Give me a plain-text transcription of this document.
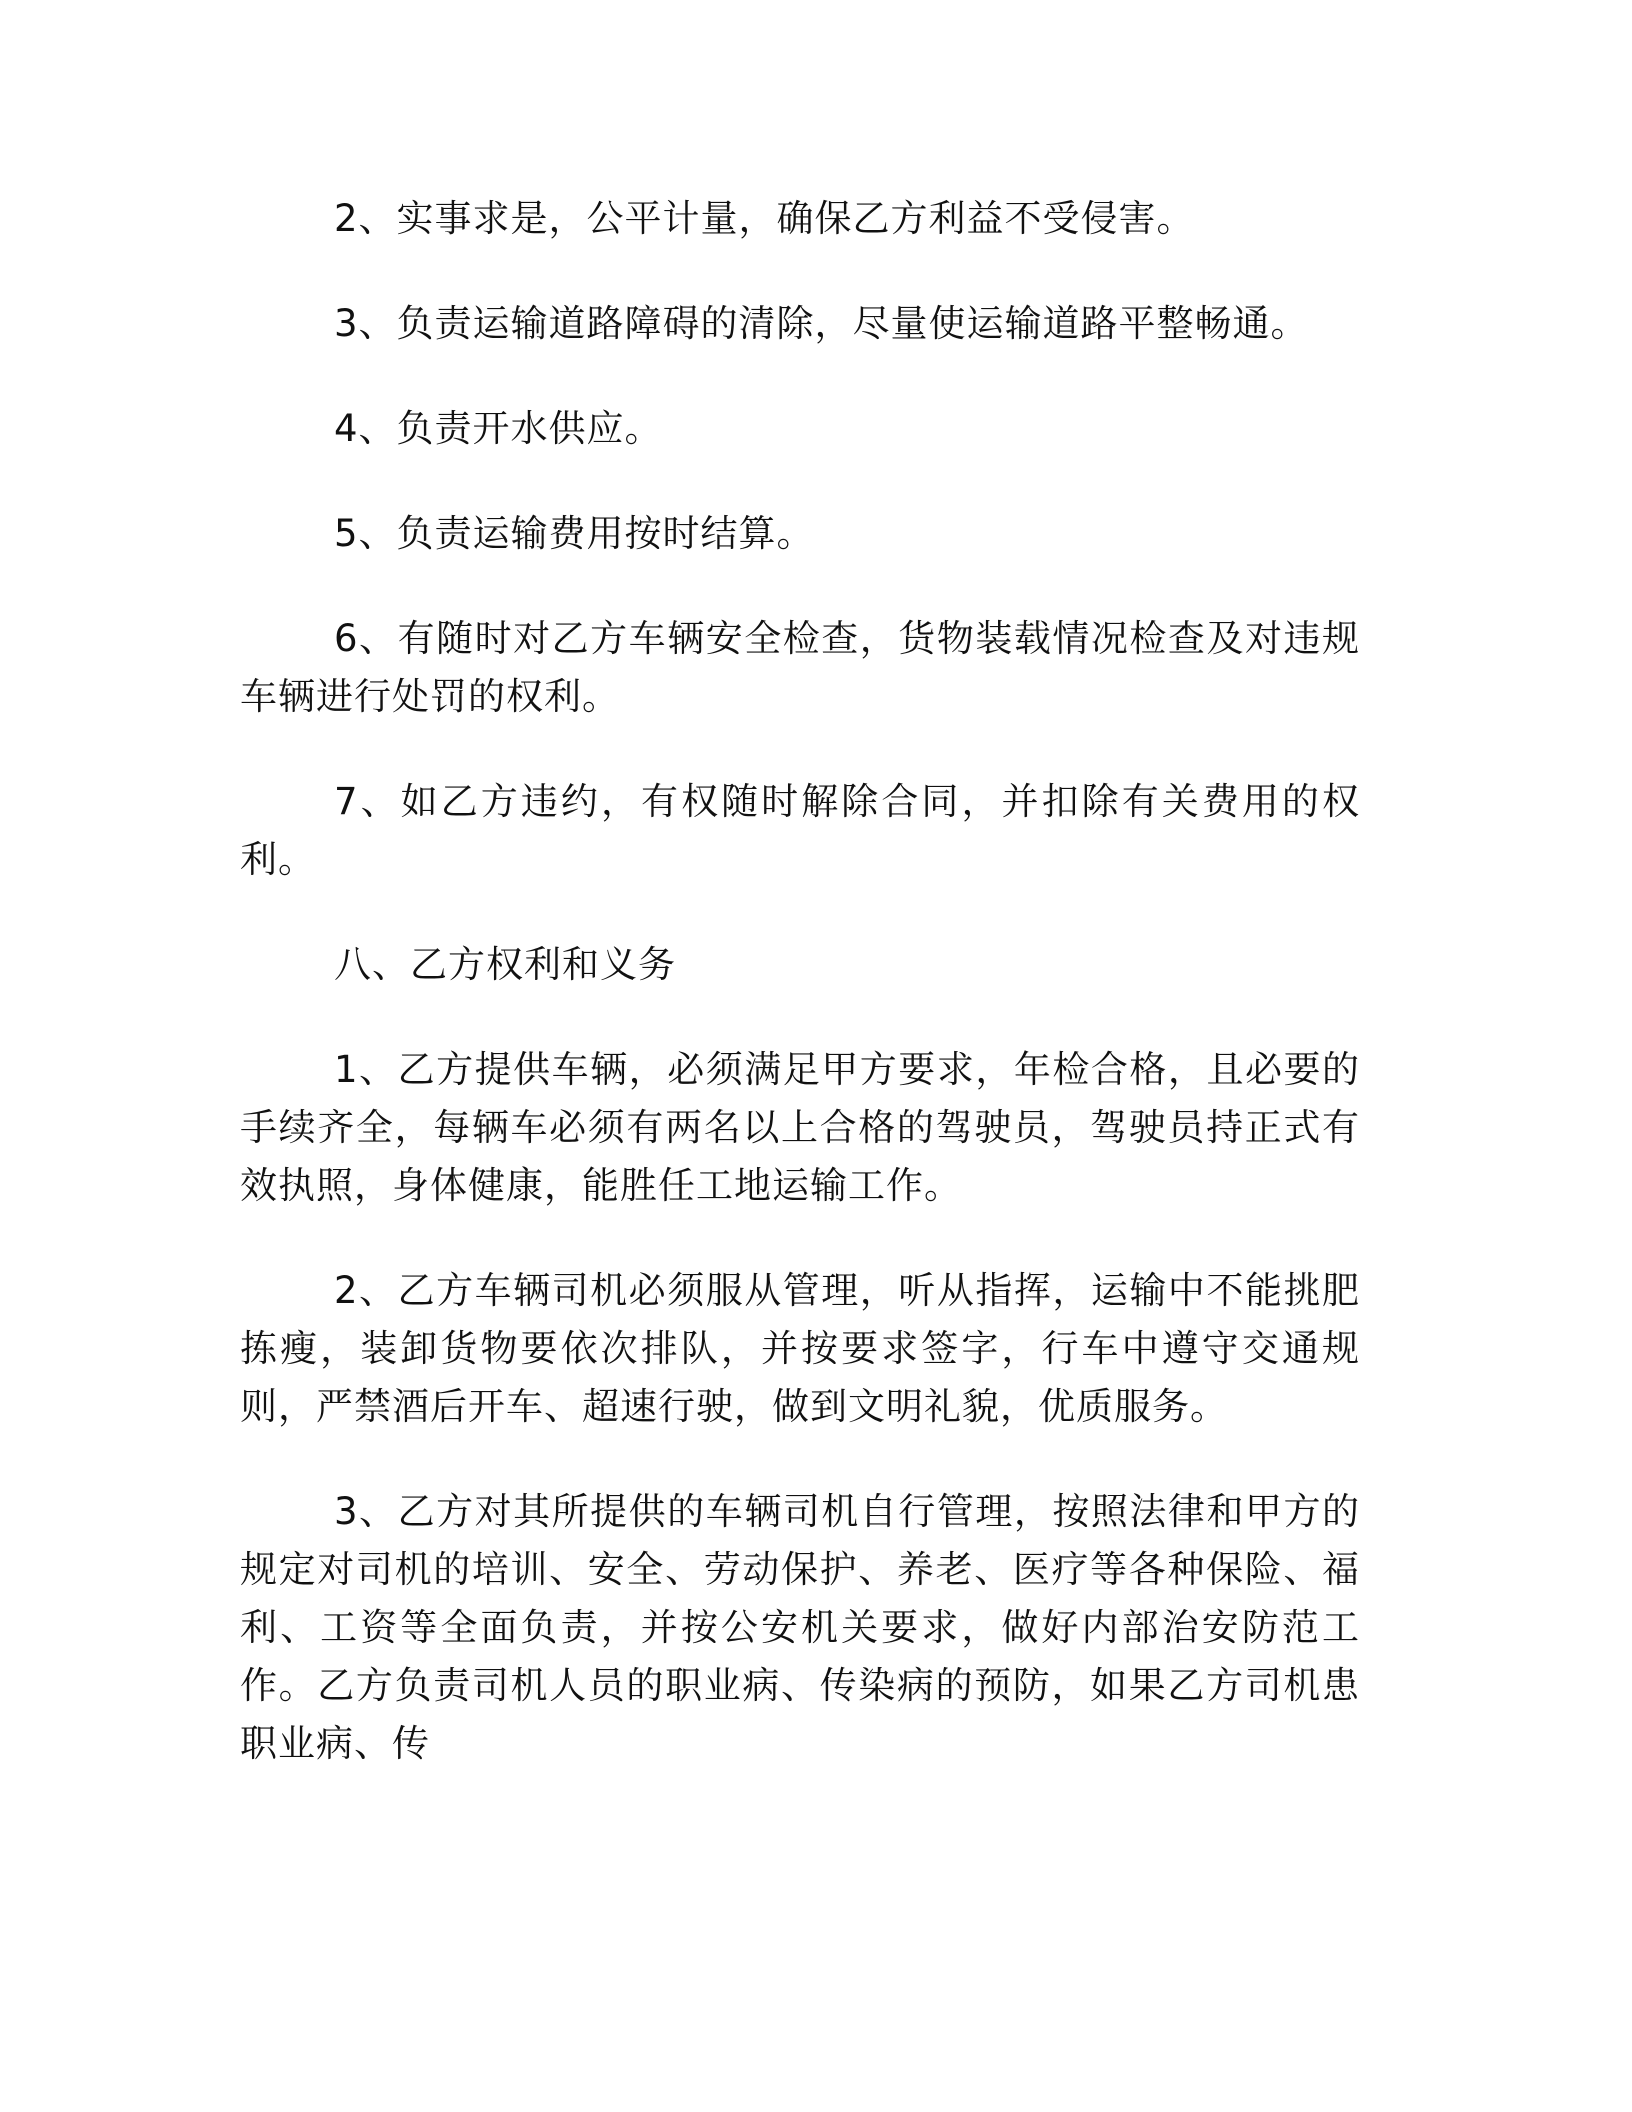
2、实事求是，公平计量，确保乙方利益不受侵害。

3、负责运输道路障碍的清除，尽量使运输道路平整畅通。

4、负责开水供应。

5、负责运输费用按时结算。

6、有随时对乙方车辆安全检查，货物装载情况检查及对违规车辆进行处罚的权利。

7、如乙方违约，有权随时解除合同，并扣除有关费用的权利。

八、乙方权利和义务

1、乙方提供车辆，必须满足甲方要求，年检合格，且必要的手续齐全，每辆车必须有两名以上合格的驾驶员，驾驶员持正式有效执照，身体健康，能胜任工地运输工作。

2、乙方车辆司机必须服从管理，听从指挥，运输中不能挑肥拣瘦，装卸货物要依次排队，并按要求签字，行车中遵守交通规则，严禁酒后开车、超速行驶，做到文明礼貌，优质服务。

3、乙方对其所提供的车辆司机自行管理，按照法律和甲方的规定对司机的培训、安全、劳动保护、养老、医疗等各种保险、福利、工资等全面负责，并按公安机关要求，做好内部治安防范工作。乙方负责司机人员的职业病、传染病的预防，如果乙方司机患职业病、传
